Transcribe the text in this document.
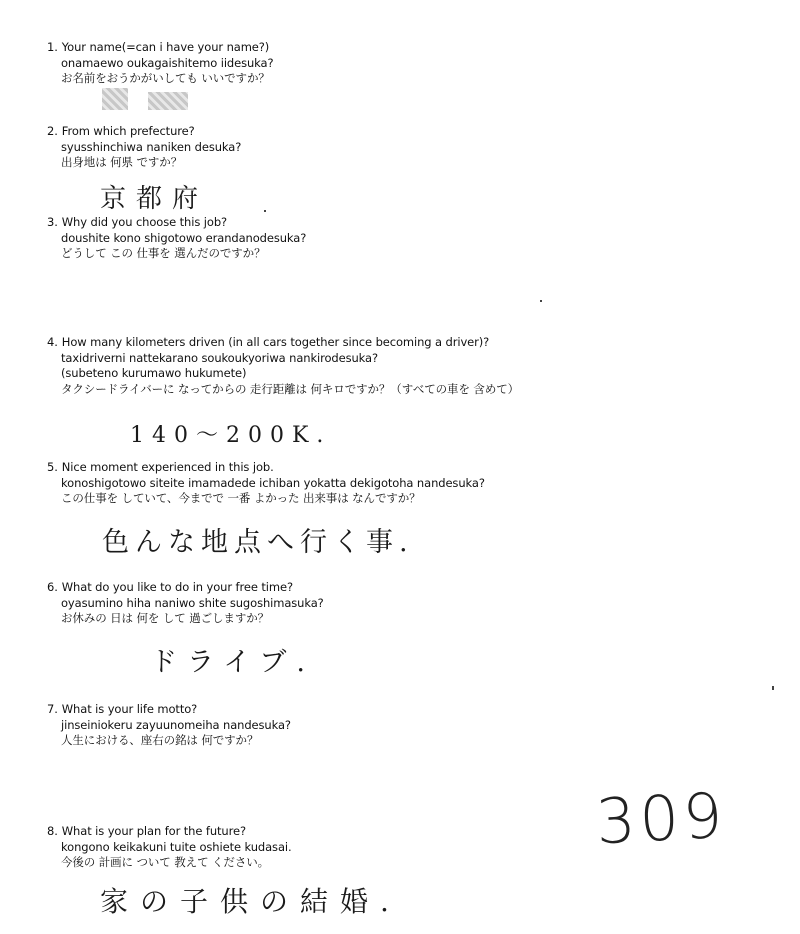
1. Your name(=can i have your name?)
onamaewo oukagaishitemo iidesuka?
お名前をおうかがいしても いいですか？
2. From which prefecture?
syusshinchiwa naniken desuka?
出身地は 何県 ですか？
京都府
3. Why did you choose this job?
doushite kono shigotowo erandanodesuka?
どうして この 仕事を 選んだのですか？
4. How many kilometers driven (in all cars together since becoming a driver)?
taxidriverni nattekarano soukoukyoriwa nankirodesuka?
(subeteno kurumawo hukumete)
タクシードライバーに なってからの 走行距離は 何キロですか？（すべての車を 含めて）
140～200K.
5. Nice moment experienced in this job.
konoshigotowo siteite imamadede ichiban yokatta dekigotoha nandesuka?
この仕事を していて、今までで 一番 よかった 出来事は なんですか？
色んな地点へ行く事.
6. What do you like to do in your free time?
oyasumino hiha naniwo shite sugoshimasuka?
お休みの 日は 何を して 過ごしますか？
ドライブ.
7. What is your life motto?
jinseiniokeru zayuunomeiha nandesuka?
人生における、座右の銘は 何ですか？
8. What is your plan for the future?
kongono keikakuni tuite oshiete kudasai.
今後の 計画に ついて 教えて ください。
家の子供の結婚.
309
